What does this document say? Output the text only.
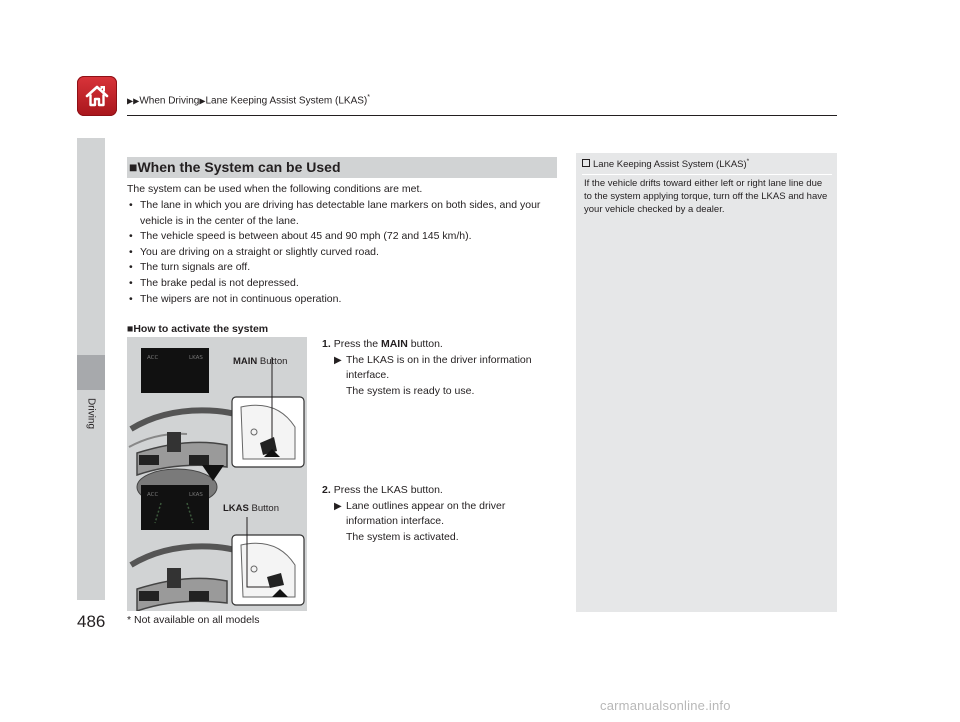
▶▶When Driving▶Lane Keeping Assist System (LKAS)*
Driving
486
■When the System can be Used
The system can be used when the following conditions are met.
• The lane in which you are driving has detectable lane markers on both sides, and your vehicle is in the center of the lane.
• The vehicle speed is between about 45 and 90 mph (72 and 145 km/h).
• You are driving on a straight or slightly curved road.
• The turn signals are off.
• The brake pedal is not depressed.
• The wipers are not in continuous operation.
■How to activate the system
ACC	LKAS
ACC	LKAS
MAIN Button
LKAS Button
1. Press the MAIN button.
▶ The LKAS is on in the driver information
interface.
The system is ready to use.
2. Press the LKAS button.
▶ Lane outlines appear on the driver
information interface.
The system is activated.
* Not available on all models
Lane Keeping Assist System (LKAS)*
If the vehicle drifts toward either left or right lane line due to the system applying torque, turn off the LKAS and have your vehicle checked by a dealer.
carmanualsonline.info
